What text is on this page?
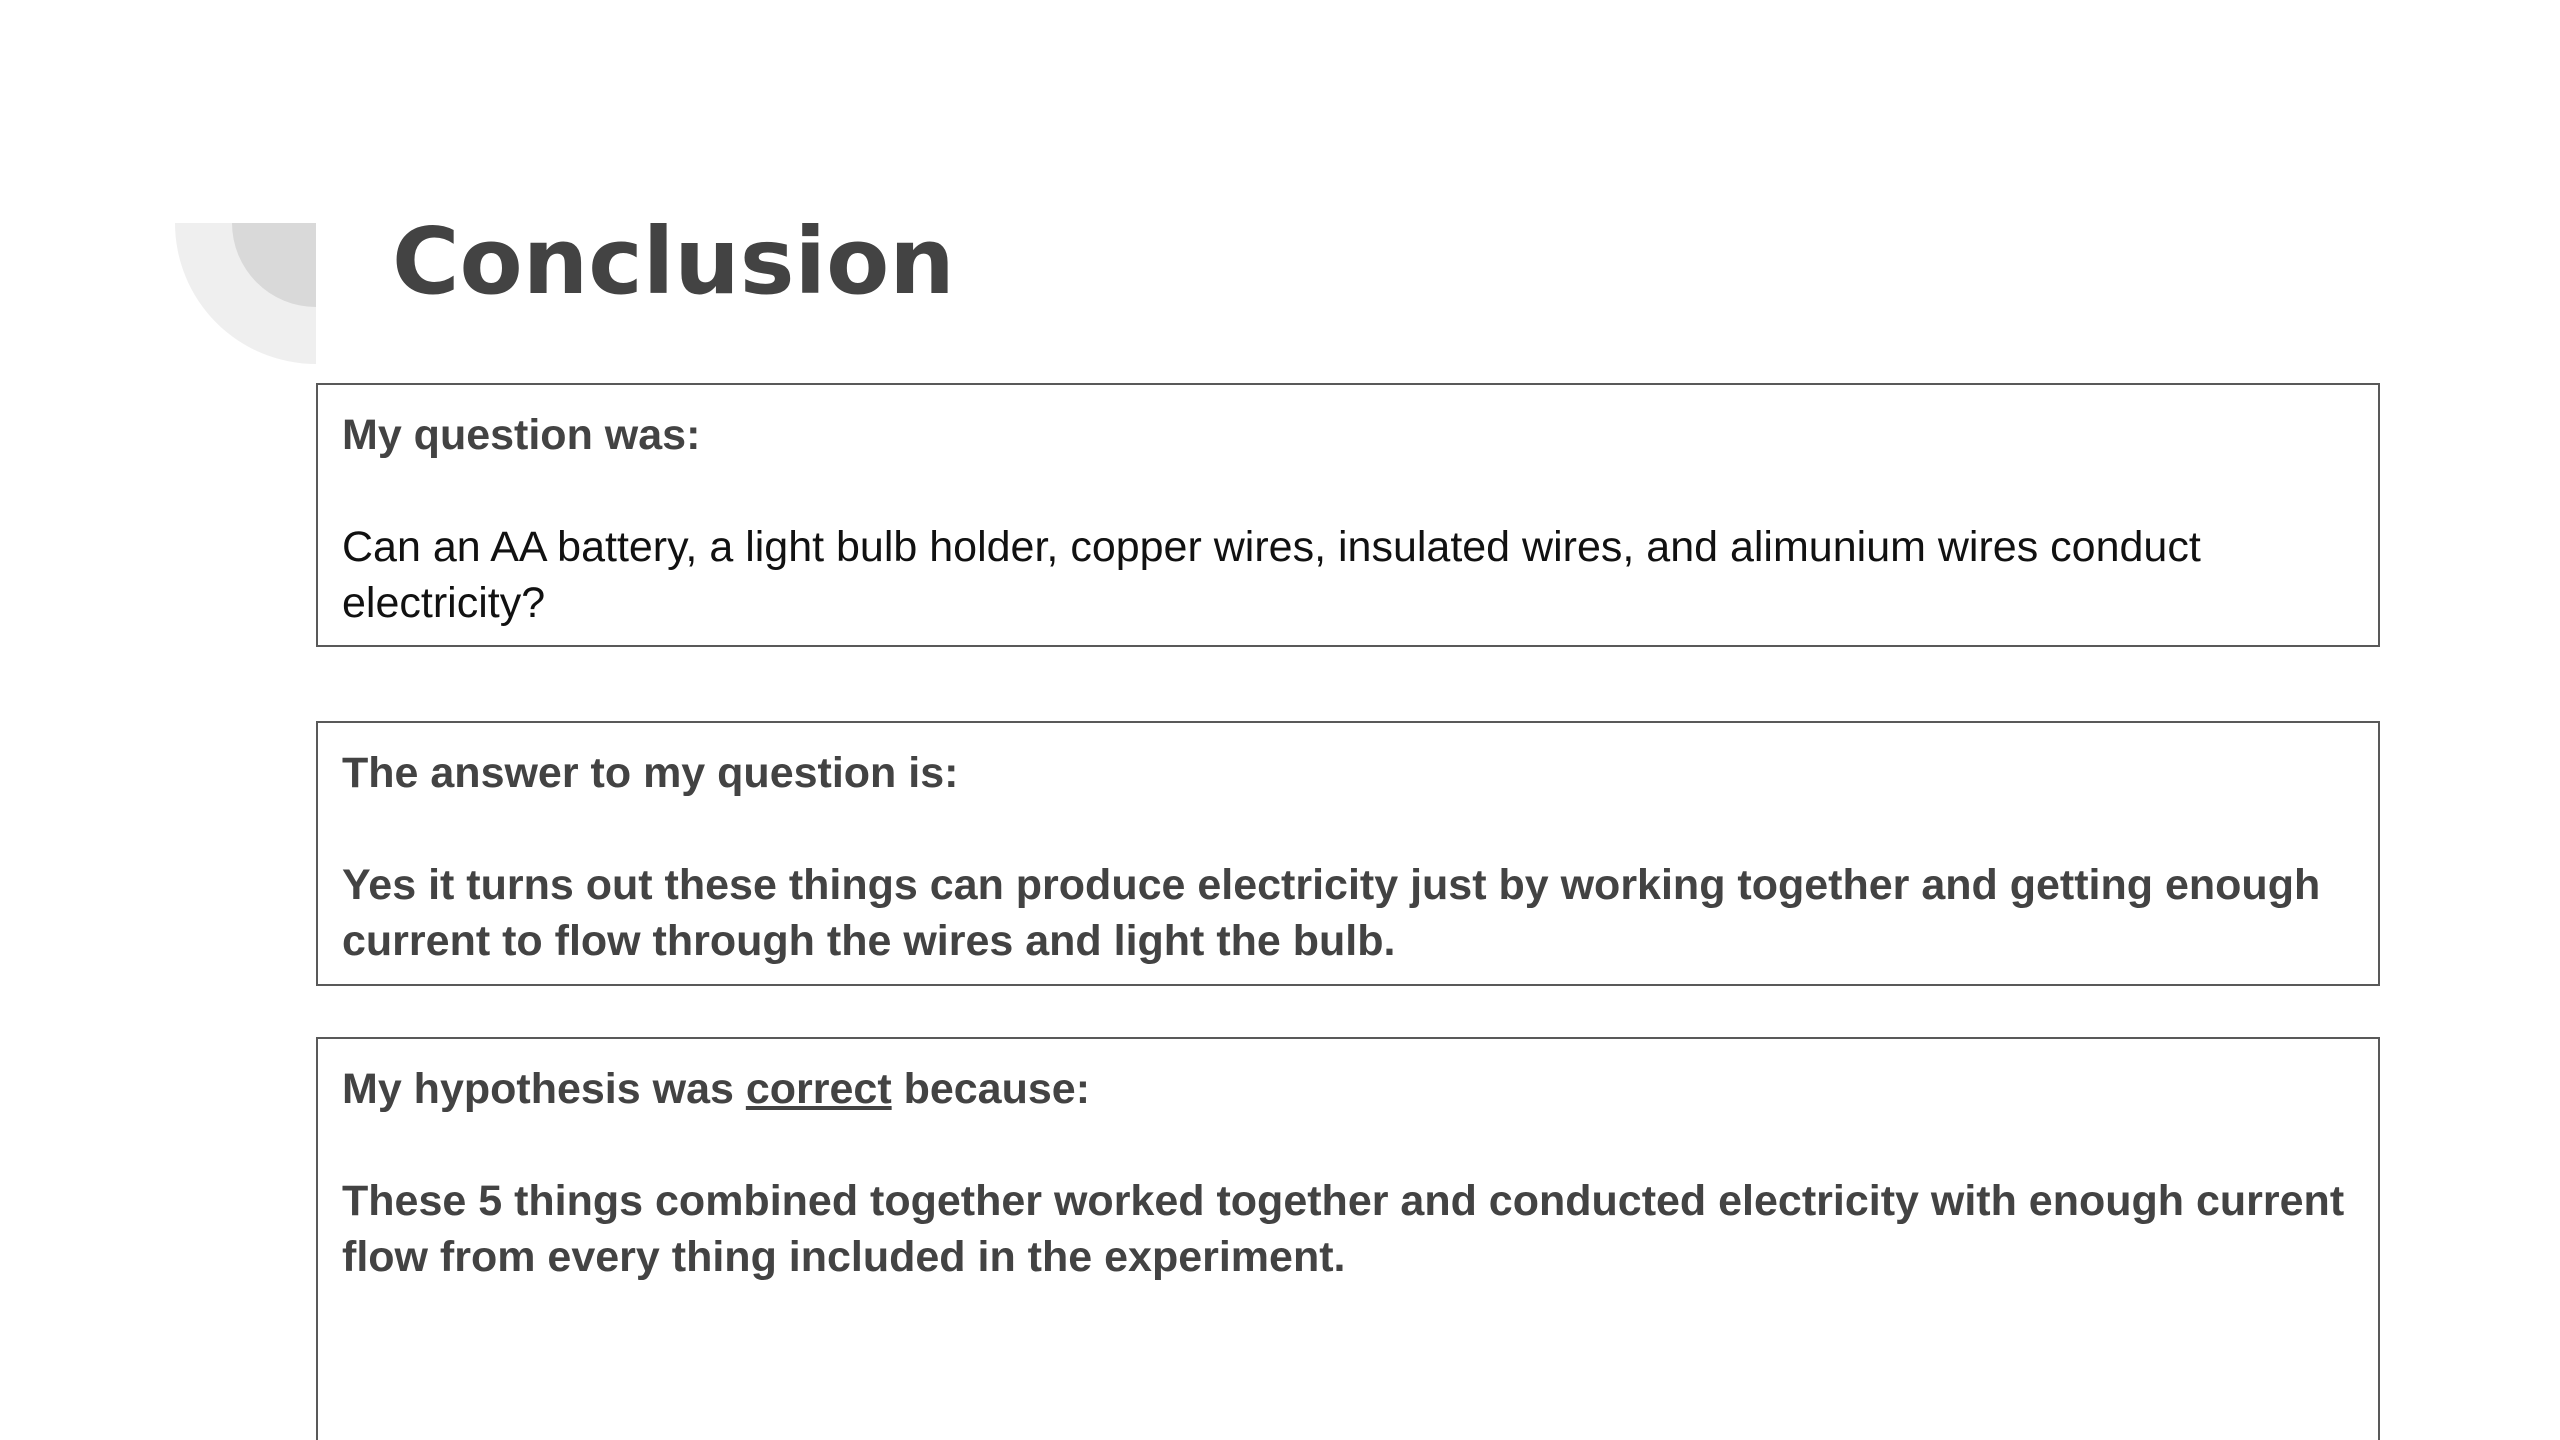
Conclusion

My question was:

Can an AA battery, a light bulb holder, copper wires, insulated wires, and alimunium wires conduct electricity?

The answer to my question is:

Yes it turns out these things can produce electricity just by working together and getting enough current to flow through the wires and light the bulb.

My hypothesis was correct because:

These 5 things combined together worked together and conducted electricity with enough current flow from every thing included in the experiment.
